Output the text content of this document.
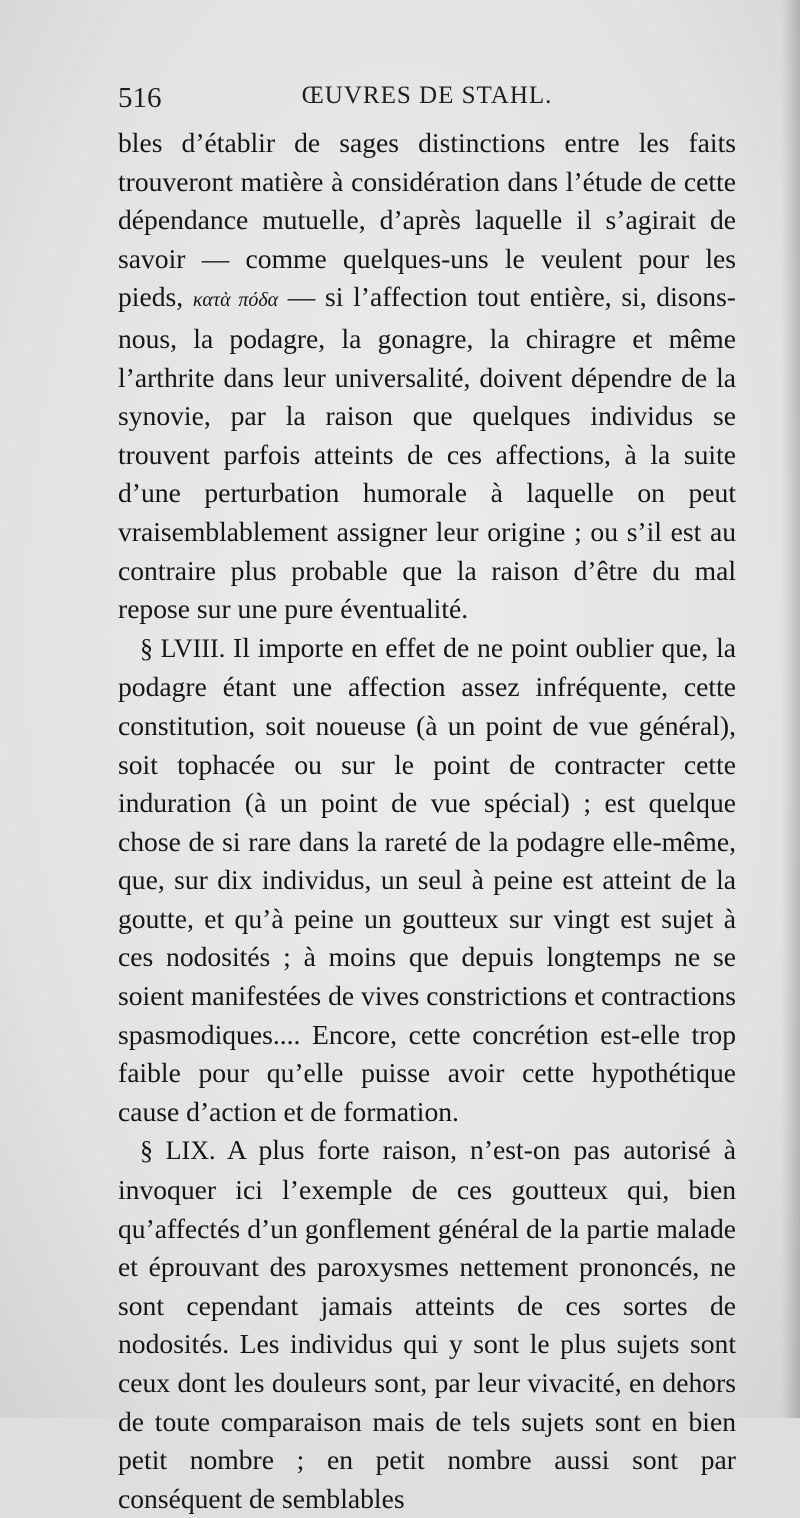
516	ŒUVRES DE STAHL.

bles d’établir de sages distinctions entre les faits trouveront matière à considération dans l’étude de cette dépendance mutuelle, d’après laquelle il s’agirait de savoir — comme quelques-uns le veulent pour les pieds, κατὰ πόδα — si l’affection tout entière, si, disons-nous, la podagre, la gonagre, la chiragre et même l’arthrite dans leur universalité, doivent dépendre de la synovie, par la raison que quelques individus se trouvent parfois atteints de ces affections, à la suite d’une perturbation humorale à laquelle on peut vraisemblablement assigner leur origine ; ou s’il est au contraire plus probable que la raison d’être du mal repose sur une pure éventualité.

§ LVIII. Il importe en effet de ne point oublier que, la podagre étant une affection assez infréquente, cette constitution, soit noueuse (à un point de vue général), soit tophacée ou sur le point de contracter cette induration (à un point de vue spécial) ; est quelque chose de si rare dans la rareté de la podagre elle-même, que, sur dix individus, un seul à peine est atteint de la goutte, et qu’à peine un goutteux sur vingt est sujet à ces nodosités ; à moins que depuis longtemps ne se soient manifestées de vives constrictions et contractions spasmodiques.... Encore, cette concrétion est-elle trop faible pour qu’elle puisse avoir cette hypothétique cause d’action et de formation.

§ LIX. A plus forte raison, n’est-on pas autorisé à invoquer ici l’exemple de ces goutteux qui, bien qu’affectés d’un gonflement général de la partie malade et éprouvant des paroxysmes nettement prononcés, ne sont cependant jamais atteints de ces sortes de nodosités. Les individus qui y sont le plus sujets sont ceux dont les douleurs sont, par leur vivacité, en dehors de toute comparaison mais de tels sujets sont en bien petit nombre ; en petit nombre aussi sont par conséquent de semblables
